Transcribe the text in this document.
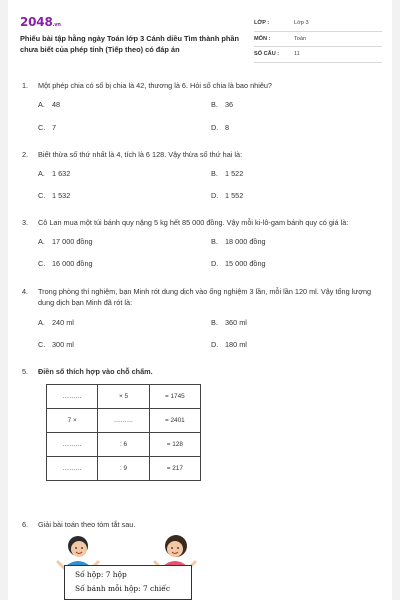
2048.vn
Phiếu bài tập hằng ngày Toán lớp 3 Cánh diều Tìm thành phần chưa biết của phép tính (Tiếp theo) có đáp án
LỚP :	Lớp 3
MÔN :	Toán
SỐ CÂU :	11
1. Một phép chia có số bị chia là 42, thương là 6. Hỏi số chia là bao nhiêu?
A. 48	B. 36
C. 7	D. 8
2. Biết thừa số thứ nhất là 4, tích là 6 128. Vậy thừa số thứ hai là:
A. 1 632	B. 1 522
C. 1 532	D. 1 552
3. Cô Lan mua một túi bánh quy nặng 5 kg hết 85 000 đồng. Vậy mỗi ki-lô-gam bánh quy có giá là:
A. 17 000 đồng	B. 18 000 đồng
C. 16 000 đồng	D. 15 000 đồng
4. Trong phòng thí nghiệm, bạn Minh rót dung dịch vào ống nghiệm 3 lần, mỗi lần 120 ml. Vậy tổng lượng dung dịch bạn Minh đã rót là:
A. 240 ml	B. 360 ml
C. 300 ml	D. 180 ml
5. Điền số thích hợp vào chỗ chấm.
………	× 5	= 1745
7 ×	………	= 2401
………	: 6	= 128
………	: 9	= 217
6. Giải bài toán theo tóm tắt sau.
Số hộp: 7 hộp
Số bánh mỗi hộp: 7 chiếc
